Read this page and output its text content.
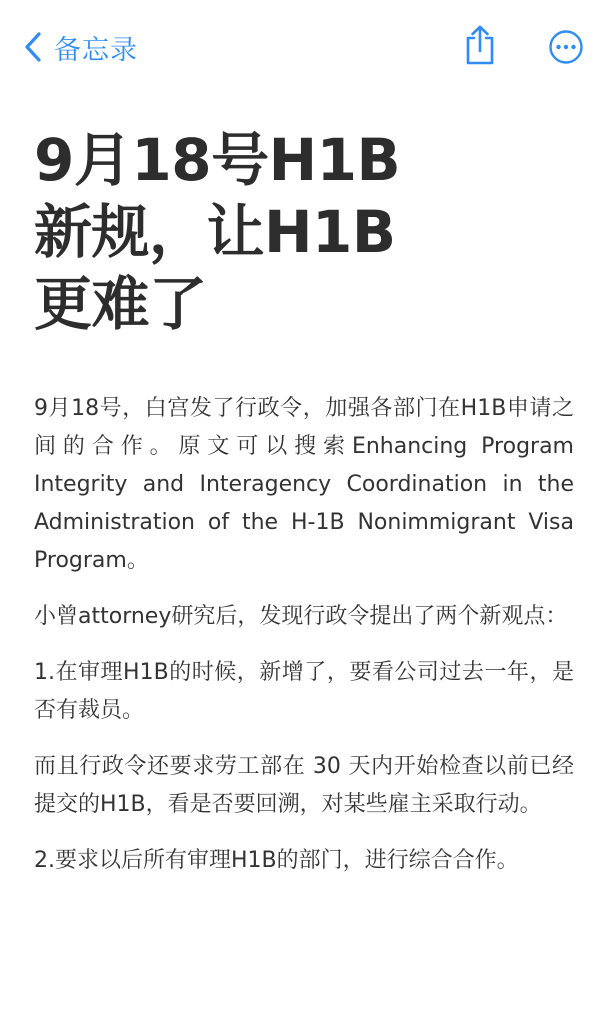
备忘录
9月18号H1B
新规，让H1B
更难了

9月18号，白宫发了行政令，加强各部门在H1B申请之间的合作。原文可以搜索Enhancing Program Integrity and Interagency Coordination in the Administration of the H-1B Nonimmigrant Visa Program。

小曾attorney研究后，发现行政令提出了两个新观点：

1.在审理H1B的时候，新增了，要看公司过去一年，是否有裁员。

而且行政令还要求劳工部在 30 天内开始检查以前已经提交的H1B，看是否要回溯，对某些雇主采取行动。

2.要求以后所有审理H1B的部门，进行综合合作。
